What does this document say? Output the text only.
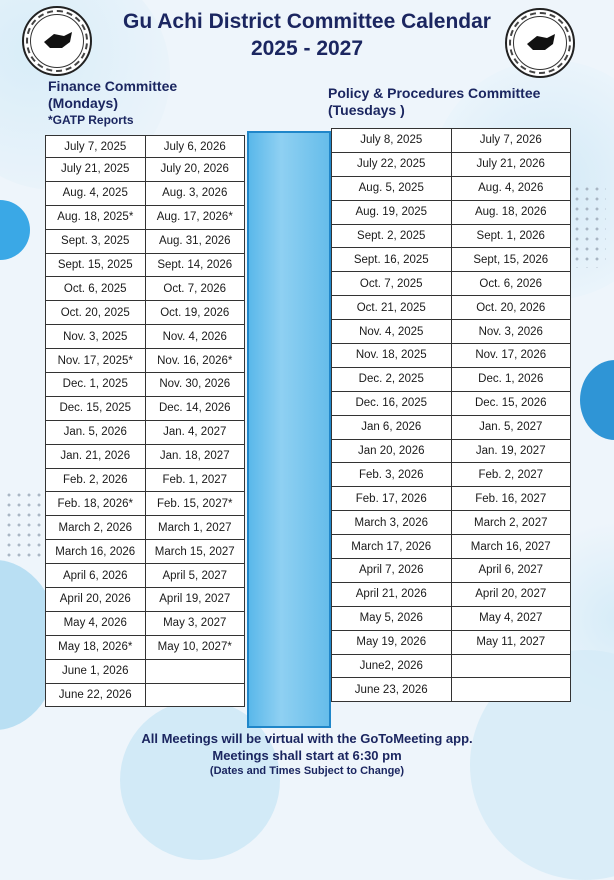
Gu Achi District Committee Calendar
2025 - 2027
Finance Committee
(Mondays)
*GATP Reports
Policy & Procedures Committee
(Tuesdays )
July 7, 2025	July 6, 2026
July 21, 2025	July 20, 2026
Aug. 4, 2025	Aug. 3, 2026
Aug. 18, 2025*	Aug. 17, 2026*
Sept. 3, 2025	Aug. 31, 2026
Sept. 15, 2025	Sept. 14, 2026
Oct. 6, 2025	Oct. 7, 2026
Oct. 20, 2025	Oct. 19, 2026
Nov. 3, 2025	Nov. 4, 2026
Nov. 17, 2025*	Nov. 16, 2026*
Dec. 1, 2025	Nov. 30, 2026
Dec. 15, 2025	Dec. 14, 2026
Jan. 5, 2026	Jan. 4, 2027
Jan. 21, 2026	Jan. 18, 2027
Feb. 2, 2026	Feb. 1, 2027
Feb. 18, 2026*	Feb. 15, 2027*
March 2, 2026	March 1, 2027
March 16, 2026	March 15, 2027
April 6, 2026	April 5, 2027
April 20, 2026	April 19, 2027
May 4, 2026	May 3, 2027
May 18, 2026*	May 10, 2027*
June 1, 2026	
June 22, 2026	
July 8, 2025	July 7, 2026
July 22, 2025	July 21, 2026
Aug. 5, 2025	Aug. 4, 2026
Aug. 19, 2025	Aug. 18, 2026
Sept. 2, 2025	Sept. 1, 2026
Sept. 16, 2025	Sept, 15, 2026
Oct. 7, 2025	Oct. 6, 2026
Oct. 21, 2025	Oct. 20, 2026
Nov. 4, 2025	Nov. 3, 2026
Nov. 18, 2025	Nov. 17, 2026
Dec. 2, 2025	Dec. 1, 2026
Dec. 16, 2025	Dec. 15, 2026
Jan 6, 2026	Jan. 5, 2027
Jan 20, 2026	Jan. 19, 2027
Feb. 3, 2026	Feb. 2, 2027
Feb. 17, 2026	Feb. 16, 2027
March 3, 2026	March 2, 2027
March 17, 2026	March 16, 2027
April 7, 2026	April 6, 2027
April 21, 2026	April 20, 2027
May 5, 2026	May 4, 2027
May 19, 2026	May 11, 2027
June2, 2026	
June 23, 2026	
All Meetings will be virtual with the GoToMeeting app.
Meetings shall start at 6:30 pm
(Dates and Times Subject to Change)
